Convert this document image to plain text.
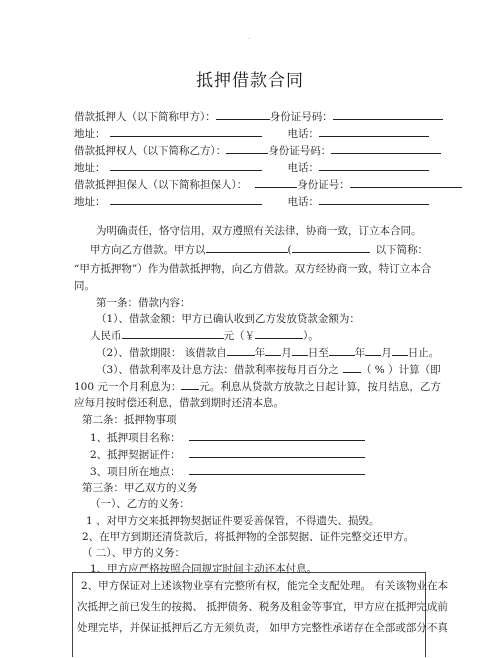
·
抵押借款合同
借款抵押人（以下简称甲方）：	身份证号码：
地址：	电话：
借款抵押权人（以下简称乙方）：	身份证号码：
地址：	电话：
借款抵押担保人（以下简称担保人）：	身份证号：
地址：	电话：
为明确责任，恪守信用，双方遵照有关法律，协商一致，订立本合同。
甲方向乙方借款。甲方以	(	以下简称：
“甲方抵押物”）作为借款抵押物，向乙方借款。双方经协商一致，特订立本合
同。
第一条：借款内容：
（1）、借款金额：甲方已确认收到乙方发放贷款金额为：
人民币	元（￥	）。
（2）、借款期限： 该借款自	年 月 日至 年 月 日止。
（3）、借款利率及计息方法：借款利率按每月百分之 （ % ）计算（即
100 元一个月利息为： 元。利息从贷款方放款之日起计算，按月结息，乙方
应每月按时偿还利息，借款到期时还清本息。
第二条：抵押物事项
1、抵押项目名称：
2、抵押契据证件：
3、项目所在地点：
第三条：甲乙双方的义务
（一）、乙方的义务：
1 、对甲方交来抵押物契据证件要妥善保管，不得遗失、损毁。
2、在甲方到期还清贷款后，将抵押物的全部契据、证件完整交还甲方。
（ 二）、甲方的义务：
1、甲方应严格按照合同规定时间主动还本付息。
2、甲方保证对上述该物业享有完整所有权，能完全支配处理。 有关该物业在本
次抵押之前已发生的按揭、 抵押债务、税务及租金等事宜，甲方应在抵押完成前
处理完毕，并保证抵押后乙方无须负责， 如甲方完整性承诺存在全部或部分不真
